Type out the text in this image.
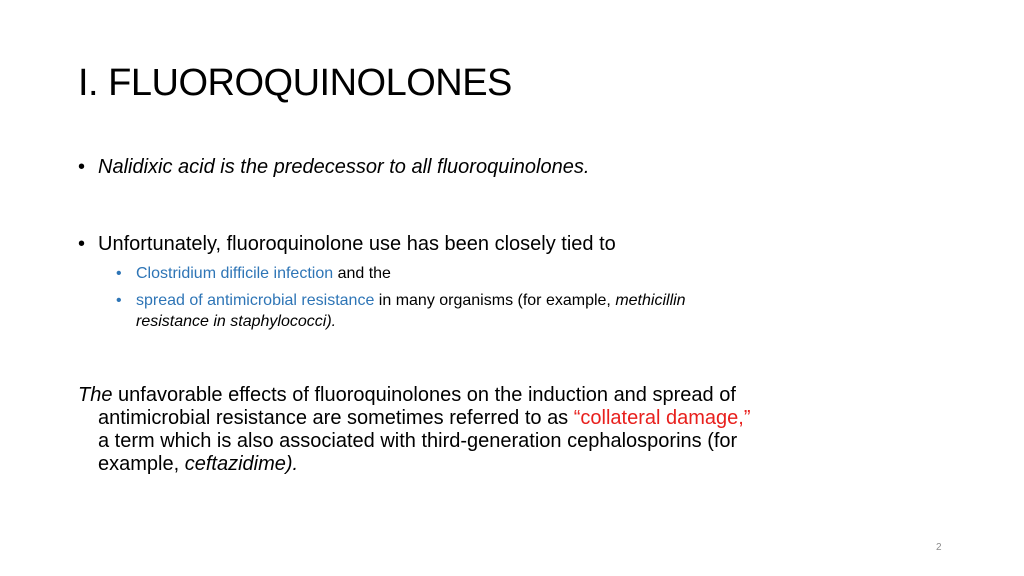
I. FLUOROQUINOLONES
• Nalidixic acid is the predecessor to all fluoroquinolones.
• Unfortunately, fluoroquinolone use has been closely tied to
• Clostridium difficile infection and the
• spread of antimicrobial resistance in many organisms (for example, methicillin
resistance in staphylococci).
The unfavorable effects of fluoroquinolones on the induction and spread of
antimicrobial resistance are sometimes referred to as “collateral damage,”
a term which is also associated with third-generation cephalosporins (for
example, ceftazidime).
2
